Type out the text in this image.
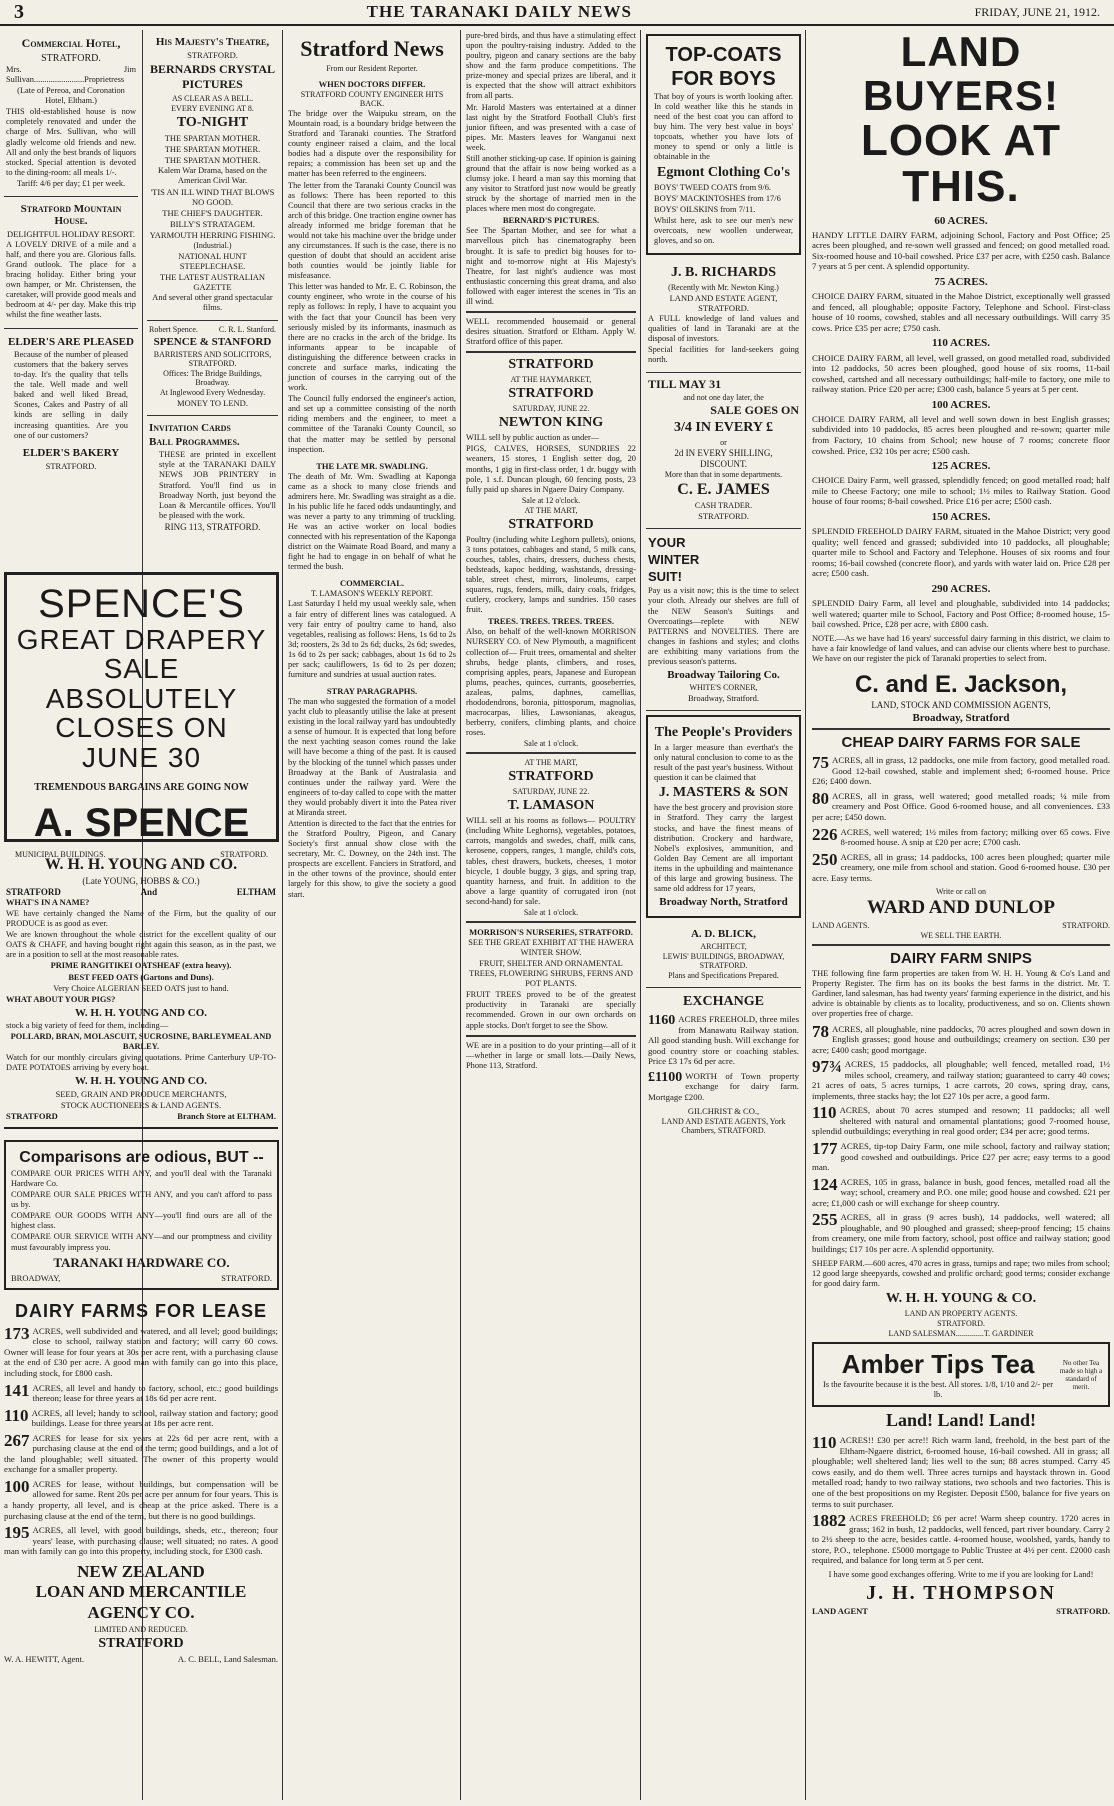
3	THE TARANAKI DAILY NEWS	FRIDAY, JUNE 21, 1912.
Commercial Hotel,
STRATFORD.
Mrs. Jim Sullivan........................Proprietress
(Late of Pereoa, and Coronation Hotel, Eltham.)
THIS old-established house is now completely renovated and under the charge of Mrs. Sullivan, who will gladly welcome old friends and new. All and only the best brands of liquors stocked. Special attention is devoted to the dining-room: all meals 1/-.
Tariff: 4/6 per day; £1 per week.
Stratford Mountain House.
DELIGHTFUL HOLIDAY RESORT.
A LOVELY DRIVE of a mile and a half, and there you are. Glorious falls. Grand outlook. The place for a bracing holiday. Either bring your own hamper, or Mr. Christensen, the caretaker, will provide good meals and bedroom at 4/- per day. Make this trip whilst the fine weather lasts.
ELDER'S ARE PLEASED
Because of the number of pleased customers that the bakery serves to-day. It's the quality that tells the tale. Well made and well baked and well liked Bread, Scones, Cakes and Pastry of all kinds are selling in daily increasing quantities. Are you one of our customers?
ELDER'S BAKERY
STRATFORD.
His Majesty's Theatre,
STRATFORD.
BERNARDS CRYSTAL PICTURES
AS CLEAR AS A BELL.
EVERY EVENING AT 8.
TO-NIGHT
THE SPARTAN MOTHER.
THE SPARTAN MOTHER.
THE SPARTAN MOTHER.
Kalem War Drama, based on the American Civil War.
'TIS AN ILL WIND THAT BLOWS NO GOOD.
THE CHIEF'S DAUGHTER.
BILLY'S STRATAGEM.
YARMOUTH HERRING FISHING.
(Industrial.)
NATIONAL HUNT STEEPLECHASE.
THE LATEST AUSTRALIAN GAZETTE
And several other grand spectacular films.
Robert Spence.	C. R. L. Stanford.
SPENCE & STANFORD
BARRISTERS AND SOLICITORS, STRATFORD.
Offices: The Bridge Buildings, Broadway.
At Inglewood Every Wednesday.
MONEY TO LEND.
Invitation Cards
Ball Programmes.
THESE are printed in excellent style at the TARANAKI DAILY NEWS JOB PRINTERY in Stratford. You'll find us in Broadway North, just beyond the Loan & Mercantile offices. You'll be pleased with the work.
RING 113, STRATFORD.
SPENCE'S
GREAT DRAPERY
SALE ABSOLUTELY
CLOSES ON JUNE 30
TREMENDOUS BARGAINS ARE GOING NOW
A. SPENCE
MUNICIPAL BUILDINGS.	STRATFORD.
W. H. H. YOUNG AND CO.
(Late YOUNG, HOBBS & CO.)
STRATFORD	And	ELTHAM
WHAT'S IN A NAME?
WE have certainly changed the Name of the Firm, but the quality of our PRODUCE is as good as ever.
We are known throughout the whole district for the excellent quality of our OATS & CHAFF, and having bought right again this season, as in the past, we are in a position to sell at the most reasonable rates.
PRIME RANGITIKEI OATSHEAF (extra heavy).
BEST FEED OATS (Gartons and Duns).
Very Choice ALGERIAN SEED OATS just to hand.
WHAT ABOUT YOUR PIGS?
W. H. H. YOUNG AND CO.
stock a big variety of feed for them, including—
POLLARD, BRAN, MOLASCUIT, SUCROSINE, BARLEYMEAL AND BARLEY.
Watch for our monthly circulars giving quotations. Prime Canterbury UP-TO-DATE POTATOES arriving by every boat.
W. H. H. YOUNG AND CO.
SEED, GRAIN AND PRODUCE MERCHANTS,
STOCK AUCTIONEERS & LAND AGENTS.
STRATFORD	Branch Store at ELTHAM.
Comparisons are odious, BUT --
COMPARE OUR PRICES WITH ANY, and you'll deal with the Taranaki Hardware Co.
COMPARE OUR SALE PRICES WITH ANY, and you can't afford to pass us by.
COMPARE OUR GOODS WITH ANY—you'll find ours are all of the highest class.
COMPARE OUR SERVICE WITH ANY—and our promptness and civility must favourably impress you.
TARANAKI HARDWARE CO.
BROADWAY,	STRATFORD.
DAIRY FARMS FOR LEASE
173 ACRES, well subdivided and watered, and all level; good buildings; close to school, railway station and factory; will carry 60 cows. Owner will lease for four years at 30s per acre rent, with a purchasing clause at the end of £30 per acre. A good man with family can go into this place, including stock, for £800 cash.
141 ACRES, all level and handy to factory, school, etc.; good buildings thereon; lease for three years at 18s 6d per acre rent.
110 ACRES, all level; handy to school, railway station and factory; good buildings. Lease for three years at 18s per acre rent.
267 ACRES for lease for six years at 22s 6d per acre rent, with a purchasing clause at the end of the term; good buildings, and a lot of the land ploughable; well situated. The owner of this property would exchange for a smaller property.
100 ACRES for lease, without buildings, but compensation will be allowed for same. Rent 20s per acre per annum for four years. This is a handy property, all level, and is cheap at the price asked. There is a purchasing clause at the end of the term, but there is no good buildings.
195 ACRES, all level, with good buildings, sheds, etc., thereon; four years' lease, with purchasing clause; well situated; no rates. A good man with family can go into this property, including stock, for £300 cash.
NEW ZEALAND
LOAN AND MERCANTILE
AGENCY CO.
LIMITED AND REDUCED.
STRATFORD
W. A. HEWITT, Agent.	A. C. BELL, Land Salesman.
Stratford News
From our Resident Reporter.
WHEN DOCTORS DIFFER.
STRATFORD COUNTY ENGINEER HITS BACK.
The bridge over the Waipuku stream, on the Mountain road, is a boundary bridge between the Stratford and Taranaki counties. The Stratford county engineer raised a claim, and the local bodies had a dispute over the responsibility for repairs; a commission has been set up and the matter has been referred to the engineers.
The letter from the Taranaki County Council was as follows: There has been reported to this Council that there are two serious cracks in the arch of this bridge. One traction engine owner has already informed me bridge foreman that he would not take his machine over the bridge under any circumstances. If such is the case, there is no question of doubt that should an accident arise both counties would be jointly liable for misfeasance.
This letter was handed to Mr. E. C. Robinson, the county engineer, who wrote in the course of his reply as follows: In reply, I have to acquaint you with the fact that your Council has been very seriously misled by its informants, inasmuch as there are no cracks in the arch of the bridge. Its informants appear to be incapable of distinguishing the difference between cracks in concrete and surface marks, indicating the junction of courses in the carrying out of the work.
The Council fully endorsed the engineer's action, and set up a committee consisting of the north riding members and the engineer, to meet a committee of the Taranaki County Council, so that the matter may be settled by personal inspection.
THE LATE MR. SWADLING.
The death of Mr. Wm. Swadling at Kaponga came as a shock to many close friends and admirers here. Mr. Swadling was straight as a die. In his public life he faced odds undauntingly, and was never a party to any trimming of truckling. He was an active worker on local bodies connected with his representation of the Kaponga district on the Waimate Road Board, and many a fight he had to engage in on behalf of what he termed the bush.
COMMERCIAL.
T. LAMASON'S WEEKLY REPORT.
Last Saturday I held my usual weekly sale, when a fair entry of different lines was catalogued. A very fair entry of poultry came to hand, also vegetables, realising as follows: Hens, 1s 6d to 2s 3d; roosters, 2s 3d to 2s 6d; ducks, 2s 6d; swedes, 1s 6d to 2s per sack; cabbages, about 1s 6d to 2s per sack; cauliflowers, 1s 6d to 2s per dozen; furniture and sundries at usual auction rates.
STRAY PARAGRAPHS.
The man who suggested the formation of a model yacht club to pleasantly utilise the lake at present existing in the local railway yard has undoubtedly a sense of humour. It is expected that long before the next yachting season comes round the lake will have become a thing of the past. It is caused by the blocking of the tunnel which passes under Broadway at the Bank of Australasia and continues under the railway yard. Were the engineers of to-day called to cope with the matter they would probably divert it into the Patea river at Miranda street.
Attention is directed to the fact that the entries for the Stratford Poultry, Pigeon, and Canary Society's first annual show close with the secretary, Mr. C. Downey, on the 24th inst. The prospects are excellent. Fanciers in Stratford, and in the other towns of the province, should enter largely for this show, to give the society a good start.
pure-bred birds, and thus have a stimulating effect upon the poultry-raising industry. Added to the poultry, pigeon and canary sections are the baby show and the farm produce competitions. The prize-money and special prizes are liberal, and it is expected that the show will attract exhibitors from all parts.
Mr. Harold Masters was entertained at a dinner last night by the Stratford Football Club's first junior fifteen, and was presented with a case of pipes. Mr. Masters leaves for Wanganui next week.
Still another sticking-up case. If opinion is gaining ground that the affair is now being worked as a clumsy joke. I heard a man say this morning that any visitor to Stratford just now would be greatly struck by the shortage of married men in the places where men most do congregate.
BERNARD'S PICTURES.
See The Spartan Mother, and see for what a marvellous pitch has cinematography been brought. It is safe to predict big houses for to-night and to-morrow night at His Majesty's Theatre, for last night's audience was most enthusiastic concerning this great drama, and also followed with eager interest the scenes in 'Tis an ill wind.
WELL recommended housemaid or general desires situation. Stratford or Eltham. Apply W. Stratford office of this paper.
STRATFORD
AT THE HAYMARKET,
STRATFORD
SATURDAY, JUNE 22.
NEWTON KING
WILL sell by public auction as under—
PIGS, CALVES, HORSES, SUNDRIES 22 weaners, 15 stores, 1 English setter dog, 20 months, 1 gig in first-class order, 1 dr. buggy with pole, 1 s.f. Duncan plough, 60 fencing posts, 23 fully paid up shares in Ngaere Dairy Company.
Sale at 12 o'clock.
AT THE MART,
STRATFORD
Poultry (including white Leghorn pullets), onions, 3 tons potatoes, cabbages and stand, 5 milk cans, couches, tables, chairs, dressers, duchess chests, bedsteads, kapoc bedding, washstands, dressing-table, street chest, mirrors, linoleums, carpet squares, rugs, fenders, milk, dairy coals, fridges, cutlery, crockery, lamps and sundries. 150 cases fruit.
TREES. TREES. TREES. TREES.
Also, on behalf of the well-known MORRISON NURSERY CO. of New Plymouth, a magnificent collection of— Fruit trees, ornamental and shelter shrubs, hedge plants, climbers, and roses, comprising apples, pears, Japanese and European plums, peaches, quinces, currants, gooseberries, azaleas, palms, daphnes, camellias, rhododendrons, boronia, pittosporum, magnolias, macrocarpas, lilies, Lawsonianas, akeagus, berberry, conifers, climbing plants, and choice roses.
Sale at 1 o'clock.
AT THE MART,
STRATFORD
SATURDAY, JUNE 22.
T. LAMASON
WILL sell at his rooms as follows— POULTRY (including White Leghorns), vegetables, potatoes, carrots, mangolds and swedes, chaff, milk cans, kerosene, coppers, ranges, 1 mangle, child's cots, tables, chest drawers, buckets, cheeses, 1 motor bicycle, 1 double buggy, 3 gigs, and spring trap, quantity harness, and fruit. In addition to the above a large quantity of corrugated iron (not second-hand) for sale.
Sale at 1 o'clock.
MORRISON'S NURSERIES, STRATFORD.
SEE THE GREAT EXHIBIT AT THE HAWERA WINTER SHOW.
FRUIT, SHELTER AND ORNAMENTAL TREES, FLOWERING SHRUBS, FERNS AND POT PLANTS.
FRUIT TREES proved to be of the greatest productivity in Taranaki are specially recommended. Grown in our own orchards on apple stocks. Don't forget to see the Show.
WE are in a position to do your printing—all of it—whether in large or small lots.—Daily News, Phone 113, Stratford.
TOP-COATS
FOR BOYS
That boy of yours is worth looking after. In cold weather like this he stands in need of the best coat you can afford to buy him. The very best value in boys' topcoats, whether you have lots of money to spend or only a little is obtainable in the
Egmont Clothing Co's
BOYS' TWEED COATS from 9/6.
BOYS' MACKINTOSHES from 17/6
BOYS' OILSKINS from 7/11.
Whilst here, ask to see our men's new overcoats, new woollen underwear, gloves, and so on.
J. B. RICHARDS
(Recently with Mr. Newton King.)
LAND AND ESTATE AGENT, STRATFORD.
A FULL knowledge of land values and qualities of land in Taranaki are at the disposal of investors.
Special facilities for land-seekers going north.
TILL MAY 31
and not one day later, the
SALE GOES ON
3/4 IN EVERY £
or
2d IN EVERY SHILLING,
DISCOUNT.
More than that in some departments.
C. E. JAMES
CASH TRADER.
STRATFORD.
YOUR
WINTER
SUIT!
Pay us a visit now; this is the time to select your cloth. Already our shelves are full of the NEW Season's Suitings and Overcoatings—replete with NEW PATTERNS and NOVELTIES. There are changes in fashions and styles; and cloths are exhibiting many variations from the previous season's patterns.
Broadway Tailoring Co.
WHITE'S CORNER,
Broadway, Stratford.
The People's Providers
In a larger measure than everthat's the only natural conclusion to come to as the result of the past year's business. Without question it can be claimed that
J. MASTERS & SON
have the best grocery and provision store in Stratford. They carry the largest stocks, and have the finest means of distribution. Crockery and hardware, Nobel's explosives, ammunition, and Golden Bay Cement are all important items in the upbuilding and maintenance of this large and growing business. The same old address for 17 years,
Broadway North, Stratford
A. D. BLICK,
ARCHITECT,
LEWIS' BUILDINGS, BROADWAY, STRATFORD.
Plans and Specifications Prepared.
EXCHANGE
1160 ACRES FREEHOLD, three miles from Manawatu Railway station. All good standing bush. Will exchange for good country store or coaching stables. Price £3 17s 6d per acre.
£1100 WORTH of Town property exchange for dairy farm. Mortgage £200.
GILCHRIST & CO.,
LAND AND ESTATE AGENTS, York Chambers, STRATFORD.
LAND BUYERS!
LOOK AT THIS.
60 ACRES.
HANDY LITTLE DAIRY FARM, adjoining School, Factory and Post Office; 25 acres been ploughed, and re-sown well grassed and fenced; on good metalled road. Six-roomed house and 10-bail cowshed. Price £37 per acre, with £250 cash. Balance 7 years at 5 per cent. A splendid opportunity.
75 ACRES.
CHOICE DAIRY FARM, situated in the Mahoe District, exceptionally well grassed and fenced, all ploughable; opposite Factory, Telephone and School. First-class house of 10 rooms, cowshed, stables and all necessary outbuildings. Will carry 35 cows. Price £35 per acre; £750 cash.
110 ACRES.
CHOICE DAIRY FARM, all level, well grassed, on good metalled road, subdivided into 12 paddocks, 50 acres been ploughed, good house of six rooms, 11-bail cowshed, cartshed and all necessary outbuildings; half-mile to factory, one mile to railway station. Price £20 per acre; £300 cash, balance 5 years at 5 per cent.
100 ACRES.
CHOICE DAIRY FARM, all level and well sown down in best English grasses; subdivided into 10 paddocks, 85 acres been ploughed and re-sown; quarter mile from Factory, 10 chains from School; new house of 7 rooms; concrete floor cowshed. Price, £32 10s per acre; £500 cash.
125 ACRES.
CHOICE Dairy Farm, well grassed, splendidly fenced; on good metalled road; half mile to Cheese Factory; one mile to school; 1½ miles to Railway Station. Good house of four rooms; 8-bail cowshed. Price £16 per acre; £500 cash.
150 ACRES.
SPLENDID FREEHOLD DAIRY FARM, situated in the Mahoe District; very good quality; well fenced and grassed; subdivided into 10 paddocks, all ploughable; quarter mile to School and Factory and Telephone. Houses of six rooms and four rooms; 16-bail cowshed (concrete floor), and yards with water laid on. Price £28 per acre; £500 cash.
290 ACRES.
SPLENDID Dairy Farm, all level and ploughable, subdivided into 14 paddocks; well watered; quarter mile to School, Factory and Post Office; 8-roomed house, 15-bail cowshed. Price, £28 per acre, with £800 cash.
NOTE.—As we have had 16 years' successful dairy farming in this district, we claim to have a fair knowledge of land values, and can advise our clients where best to purchase. We have on our register the pick of Taranaki properties to select from.
C. and E. Jackson,
LAND, STOCK AND COMMISSION AGENTS,
Broadway, Stratford
CHEAP DAIRY FARMS FOR SALE
75 ACRES, all in grass, 12 paddocks, one mile from factory, good metalled road. Good 12-bail cowshed, stable and implement shed; 6-roomed house. Price £26; £400 down.
80 ACRES, all in grass, well watered; good metalled roads; ¼ mile from creamery and Post Office. Good 6-roomed house, and all conveniences. £33 per acre; £450 down.
226 ACRES, well watered; 1½ miles from factory; milking over 65 cows. Five 8-roomed house. A snip at £20 per acre; £700 cash.
250 ACRES, all in grass; 14 paddocks, 100 acres been ploughed; quarter mile creamery, one mile from school and station. Good 6-roomed house. £30 per acre. Easy terms.
Write or call on
WARD AND DUNLOP
LAND AGENTS.	STRATFORD.
WE SELL THE EARTH.
DAIRY FARM SNIPS
THE following fine farm properties are taken from W. H. H. Young & Co's Land and Property Register. The firm has on its books the best farms in the district. Mr. T. Gardiner, land salesman, has had twenty years' farming experience in the district, and his advice is obtainable by clients as to locality, productiveness, and so on. Clients shown over properties free of charge.
78 ACRES, all ploughable, nine paddocks, 70 acres ploughed and sown down in English grasses; good house and outbuildings; creamery on section. £30 per acre; £400 cash; good mortgage.
97¾ ACRES, 15 paddocks, all ploughable; well fenced, metalled road, 1½ miles school, creamery, and railway station; guaranteed to carry 40 cows; 21 acres of oats, 5 acres turnips, 1 acre carrots, 20 cows, spring dray, cans, implements, three stacks hay; the lot £27 10s per acre, a good farm.
110 ACRES, about 70 acres stumped and resown; 11 paddocks; all well sheltered with natural and ornamental plantations; good 7-roomed house, splendid outbuildings; everything in real good order; £34 per acre; good terms.
177 ACRES, tip-top Dairy Farm, one mile school, factory and railway station; good cowshed and outbuildings. Price £27 per acre; easy terms to a good man.
124 ACRES, 105 in grass, balance in bush, good fences, metalled road all the way; school, creamery and P.O. one mile; good house and cowshed. £21 per acre; £1,000 cash or will exchange for sheep country.
255 ACRES, all in grass (9 acres bush), 14 paddocks, well watered; all ploughable, and 90 ploughed and grassed; sheep-proof fencing; 15 chains from creamery, one mile from factory, school, post office and railway station; good buildings; £17 10s per acre. A splendid opportunity.
SHEEP FARM.—600 acres, 470 acres in grass, turnips and rape; two miles from school; 12 good large sheepyards, cowshed and prolific orchard; good terms; consider exchange for good dairy farm.
W. H. H. YOUNG & CO.
LAND AN PROPERTY AGENTS.
STRATFORD.
LAND SALESMAN..............T. GARDINER
Amber Tips Tea
Is the favourite because it is the best. All stores. 1/8, 1/10 and 2/- per lb.
No other Tea made so high a standard of merit.
Land! Land! Land!
110 ACRES!! £30 per acre!! Rich warm land, freehold, in the best part of the Eltham-Ngaere district, 6-roomed house, 16-bail cowshed. All in grass; all ploughable; well sheltered land; lies well to the sun; 88 acres stumped. Carry 45 cows easily, and do them well. Three acres turnips and haystack thrown in. Good metalled road; handy to two railway stations, two schools and two factories. This is one of the best propositions on my Register. Deposit £500, balance for five years on terms to suit purchaser.
1882 ACRES FREEHOLD; £6 per acre! Warm sheep country. 1720 acres in grass; 162 in bush, 12 paddocks, well fenced, part river boundary. Carry 2 to 2½ sheep to the acre, besides cattle. 4-roomed house, woolshed, yards, handy to store, P.O., telephone. £5000 mortgage to Public Trustee at 4½ per cent. £2000 cash required, and balance for long term at 5 per cent.
I have some good exchanges offering. Write to me if you are looking for Land!
J. H. THOMPSON
LAND AGENT	STRATFORD.
